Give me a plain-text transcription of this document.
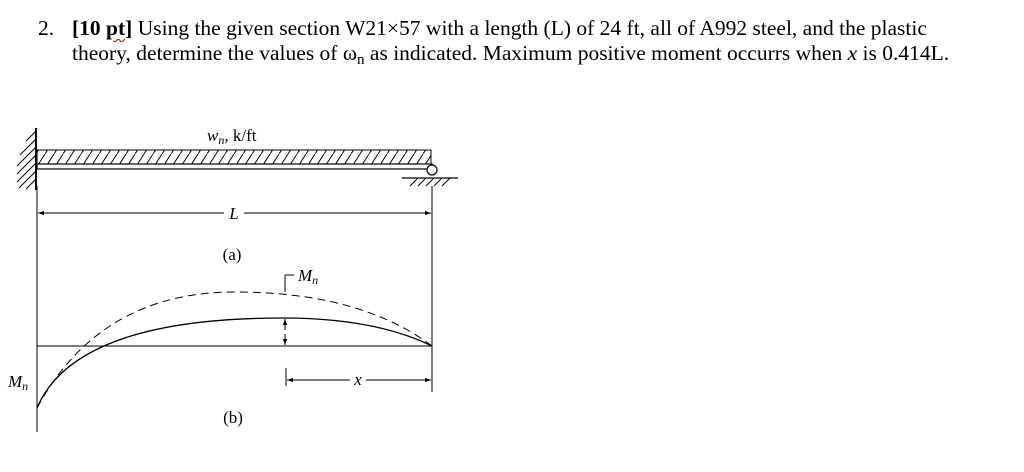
2. [10 pt] Using the given section W21×57 with a length (L) of 24 ft, all of A992 steel, and the plastic
theory, determine the values of ωn as indicated. Maximum positive moment occurrs when x is 0.414L.
wn, k/ft
L
(a)
Mn
Mn	x
(b)
